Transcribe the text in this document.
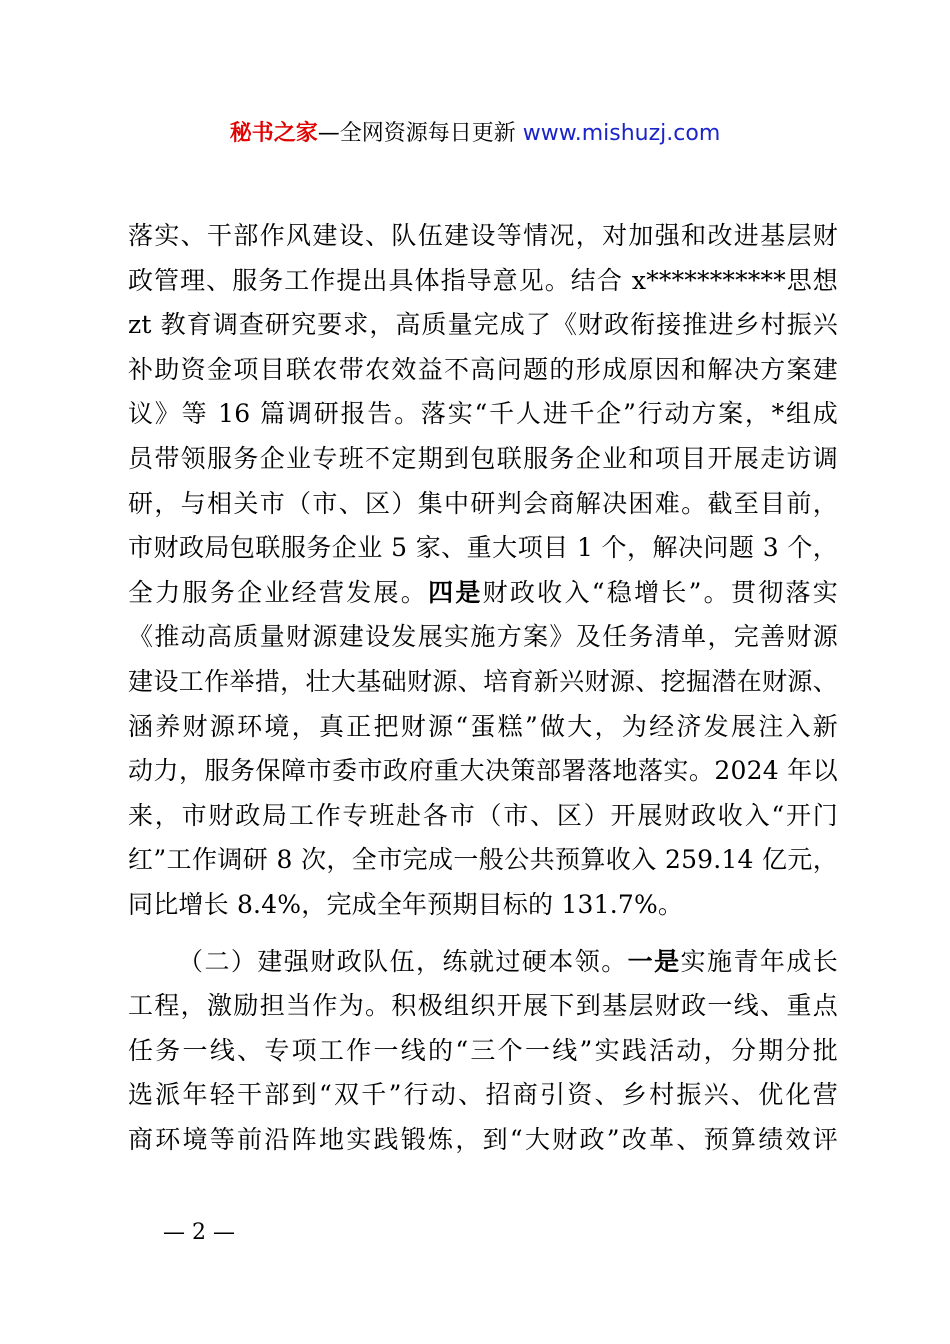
秘书之家—全网资源每日更新 www.mishuzj.com
落实、干部作风建设、队伍建设等情况，对加强和改进基层财
政管理、服务工作提出具体指导意见。结合 x***********思想
zt 教育调查研究要求，高质量完成了《财政衔接推进乡村振兴
补助资金项目联农带农效益不高问题的形成原因和解决方案建
议》等 16 篇调研报告。落实“千人进千企”行动方案，*组成
员带领服务企业专班不定期到包联服务企业和项目开展走访调
研，与相关市（市、区）集中研判会商解决困难。截至目前，
市财政局包联服务企业 5 家、重大项目 1 个，解决问题 3 个，
全力服务企业经营发展。四是财政收入“稳增长”。贯彻落实
《推动高质量财源建设发展实施方案》及任务清单，完善财源
建设工作举措，壮大基础财源、培育新兴财源、挖掘潜在财源、
涵养财源环境，真正把财源“蛋糕”做大，为经济发展注入新
动力，服务保障市委市政府重大决策部署落地落实。2024 年以
来，市财政局工作专班赴各市（市、区）开展财政收入“开门
红”工作调研 8 次，全市完成一般公共预算收入 259.14 亿元，
同比增长 8.4%，完成全年预期目标的 131.7%。
（二）建强财政队伍，练就过硬本领。一是实施青年成长
工程，激励担当作为。积极组织开展下到基层财政一线、重点
任务一线、专项工作一线的“三个一线”实践活动，分期分批
选派年轻干部到“双千”行动、招商引资、乡村振兴、优化营
商环境等前沿阵地实践锻炼，到“大财政”改革、预算绩效评
— 2 —
